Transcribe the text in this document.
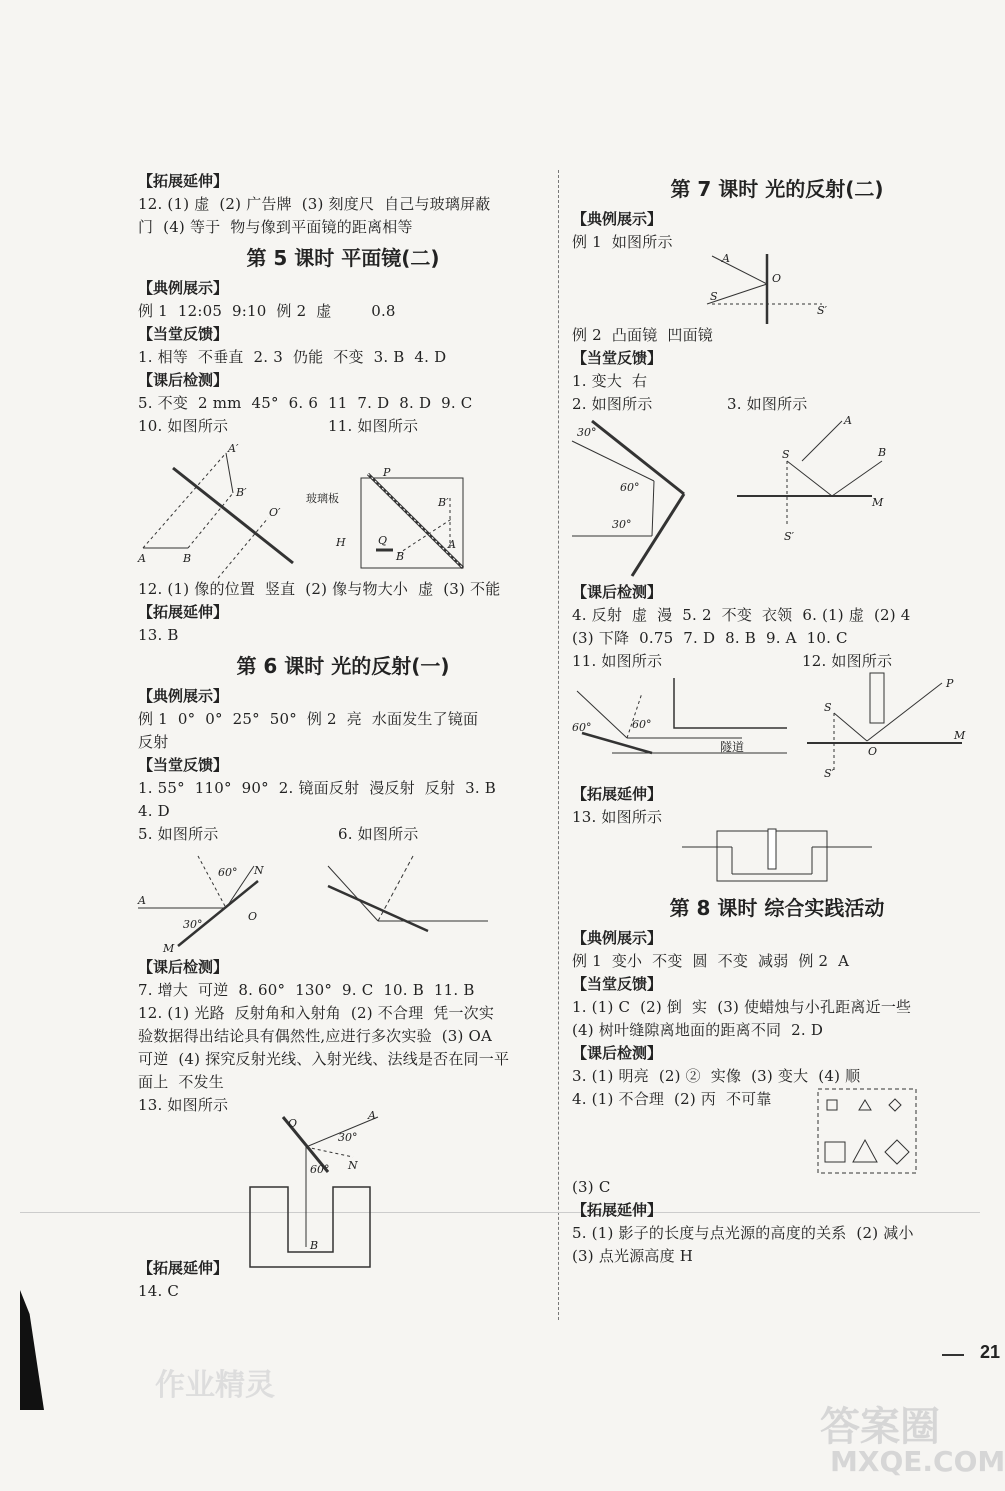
【拓展延伸】
12. (1) 虚  (2) 广告牌  (3) 刻度尺  自己与玻璃屏蔽
门  (4) 等于  物与像到平面镜的距离相等
第 5 课时 平面镜(二)
【典例展示】
例 1  12:05  9:10  例 2  虚        0.8
【当堂反馈】
1. 相等  不垂直  2. 3  仍能  不变  3. B  4. D
【课后检测】
5. 不变  2 mm  45°  6. 6  11  7. D  8. D  9. C
10. 如图所示	11. 如图所示
A	B
A′
B′
O′
P
玻璃板
H	Q
B′
B
A
12. (1) 像的位置  竖直  (2) 像与物大小  虚  (3) 不能
【拓展延伸】
13. B
第 6 课时 光的反射(一)
【典例展示】
例 1  0°  0°  25°  50°  例 2  亮  水面发生了镜面
反射
【当堂反馈】
1. 55°  110°  90°  2. 镜面反射  漫反射  反射  3. B
4. D
5. 如图所示	6. 如图所示
A
N
O
M
60°
30°
【课后检测】
7. 增大  可逆  8. 60°  130°  9. C  10. B  11. B
12. (1) 光路  反射角和入射角  (2) 不合理  凭一次实
验数据得出结论具有偶然性,应进行多次实验  (3) OA
可逆  (4) 探究反射光线、入射光线、法线是否在同一平
面上  不发生
13. 如图所示
O
A
N
B
30°
60°
【拓展延伸】
14. C
第 7 课时 光的反射(二)
【典例展示】
例 1  如图所示
A
O
S
S′
例 2  凸面镜  凹面镜
【当堂反馈】
1. 变大  右
2. 如图所示	3. 如图所示
30°
60°
30°
S
A
B
M
S′
【课后检测】
4. 反射  虚  漫  5. 2  不变  衣领  6. (1) 虚  (2) 4
(3) 下降  0.75  7. D  8. B  9. A  10. C
11. 如图所示	12. 如图所示
60°	60°
隧道
S
P
M
O
S′
【拓展延伸】
13. 如图所示
第 8 课时 综合实践活动
【典例展示】
例 1  变小  不变  圆  不变  减弱  例 2  A
【当堂反馈】
1. (1) C  (2) 倒  实  (3) 使蜡烛与小孔距离近一些
(4) 树叶缝隙离地面的距离不同  2. D
【课后检测】
3. (1) 明亮  (2) ②  实像  (3) 变大  (4) 顺
4. (1) 不合理  (2) 丙  不可靠
(3) C
【拓展延伸】
5. (1) 影子的长度与点光源的高度的关系  (2) 减小
(3) 点光源高度 H
21
作业精灵
答案圈
MXQE.COM
